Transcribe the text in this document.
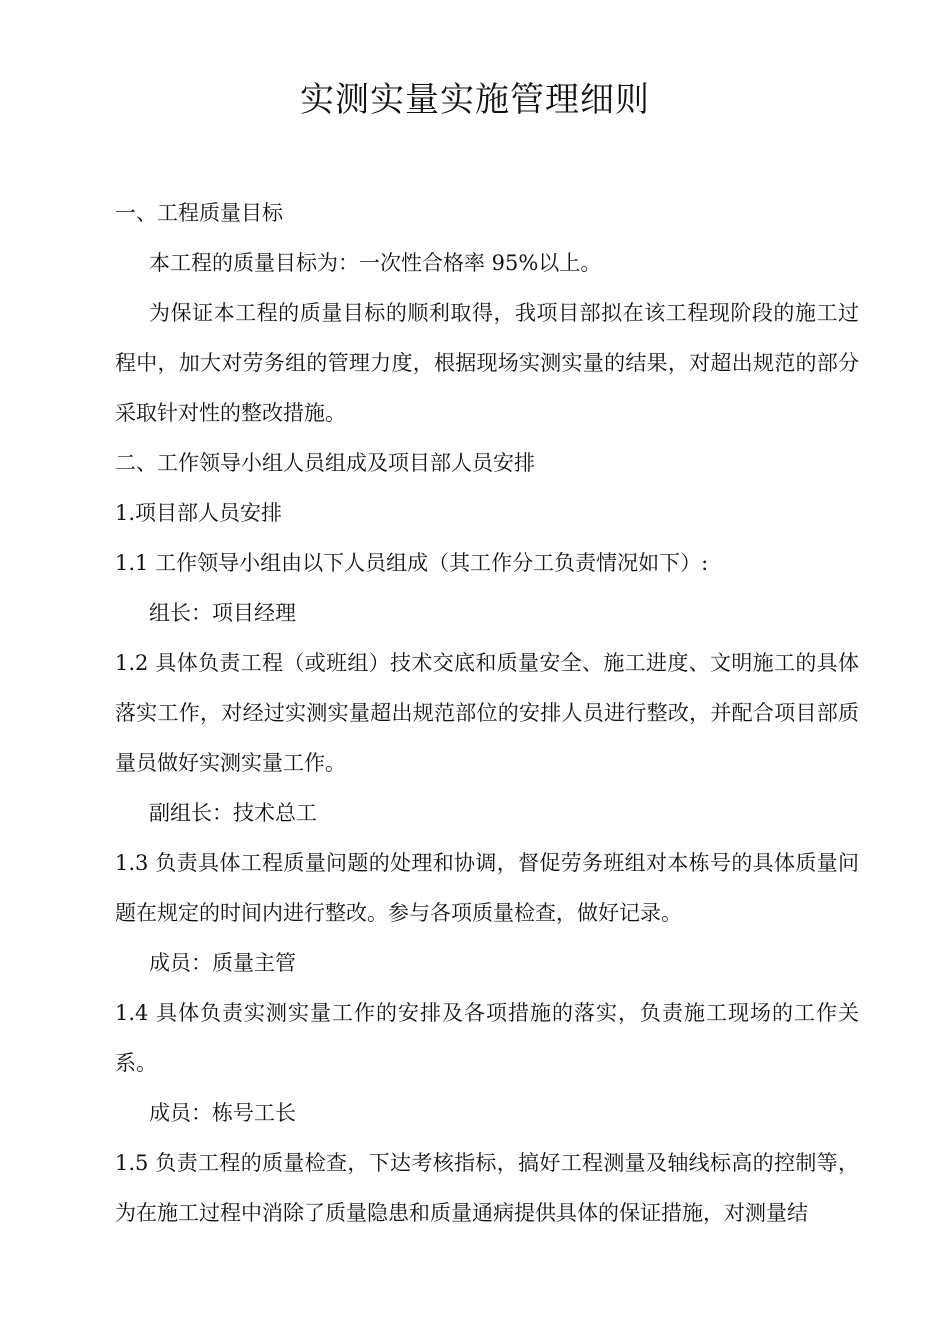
实测实量实施管理细则

一、工程质量目标

本工程的质量目标为：一次性合格率 95%以上。

为保证本工程的质量目标的顺利取得，我项目部拟在该工程现阶段的施工过程中，加大对劳务组的管理力度，根据现场实测实量的结果，对超出规范的部分采取针对性的整改措施。

二、工作领导小组人员组成及项目部人员安排

1.项目部人员安排

1.1 工作领导小组由以下人员组成（其工作分工负责情况如下）:

组长：项目经理

1.2 具体负责工程（或班组）技术交底和质量安全、施工进度、文明施工的具体落实工作，对经过实测实量超出规范部位的安排人员进行整改，并配合项目部质量员做好实测实量工作。

副组长：技术总工

1.3 负责具体工程质量问题的处理和协调，督促劳务班组对本栋号的具体质量问题在规定的时间内进行整改。参与各项质量检查，做好记录。

成员：质量主管

1.4 具体负责实测实量工作的安排及各项措施的落实，负责施工现场的工作关系。

成员：栋号工长

1.5 负责工程的质量检查，下达考核指标，搞好工程测量及轴线标高的控制等，为在施工过程中消除了质量隐患和质量通病提供具体的保证措施，对测量结
